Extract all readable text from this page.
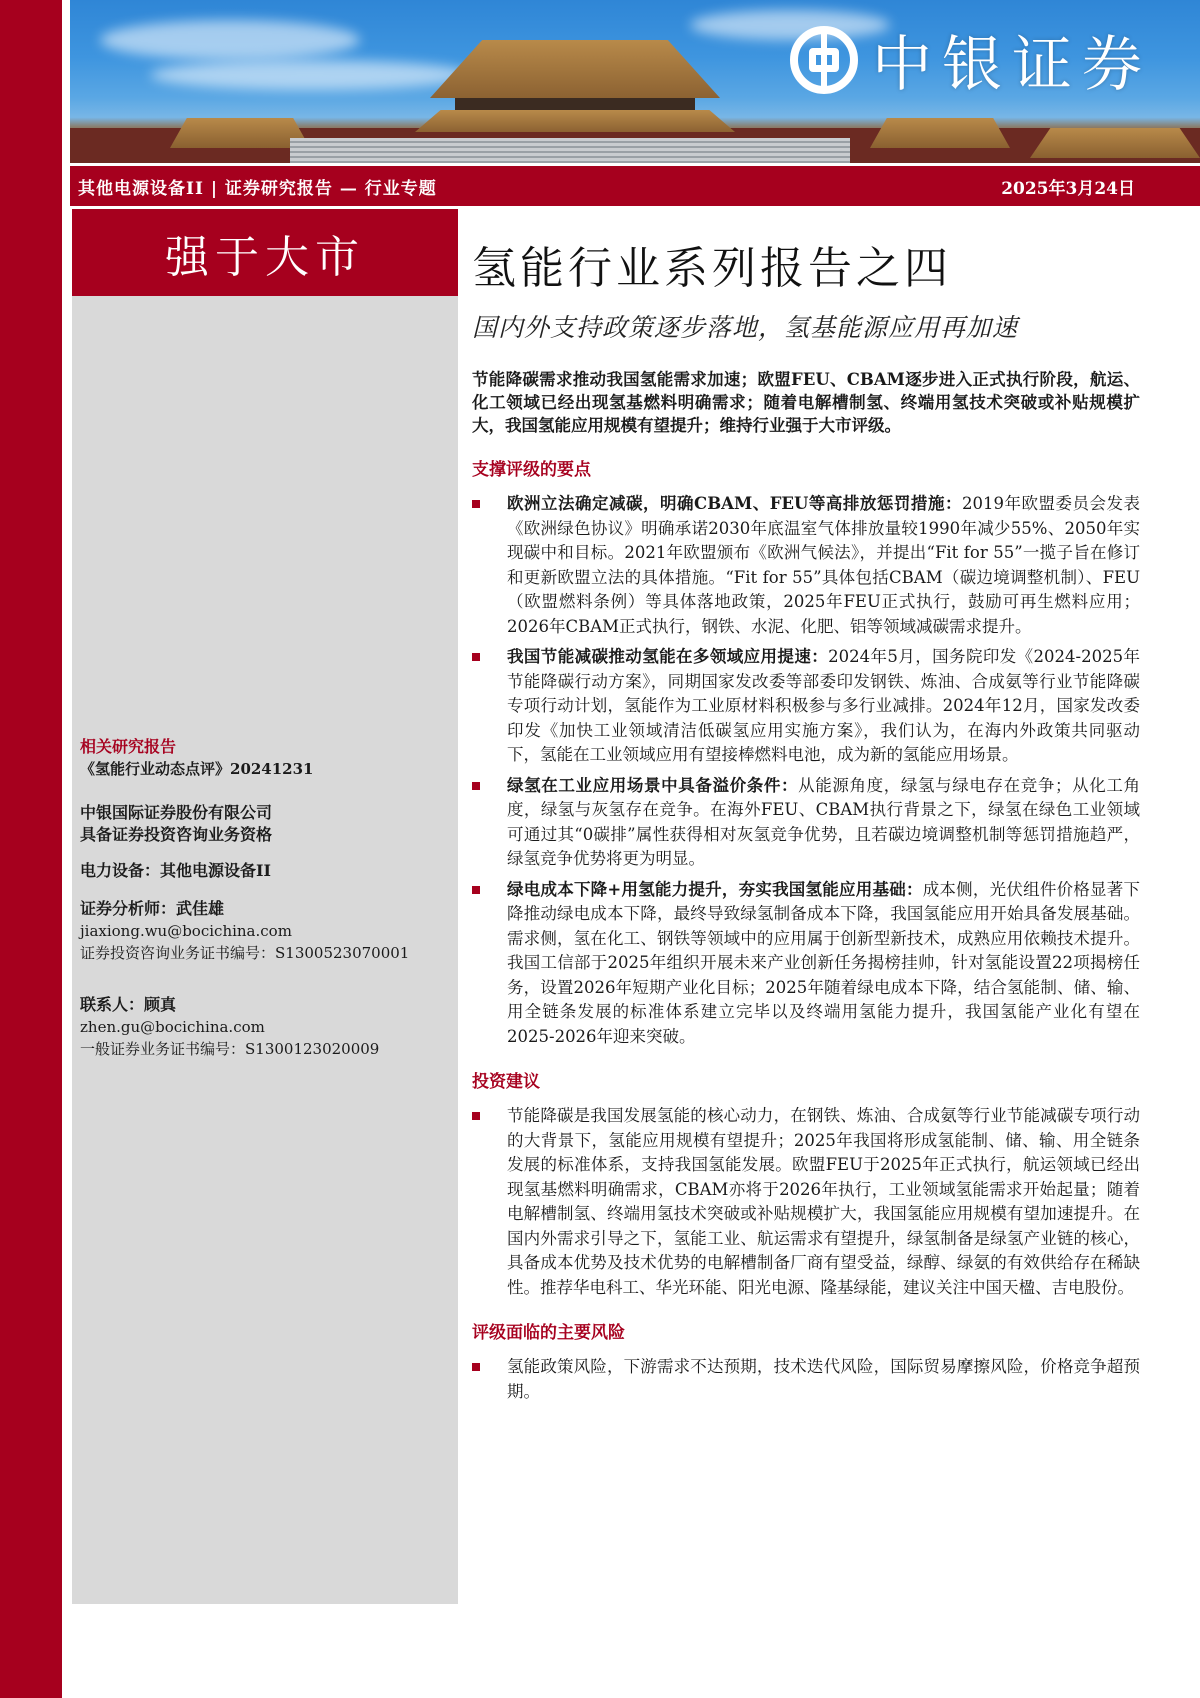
中银证券
其他电源设备II | 证券研究报告 — 行业专题	2025年3月24日
强于大市
相关研究报告
《氢能行业动态点评》20241231
中银国际证券股份有限公司
具备证券投资咨询业务资格
电力设备：其他电源设备II
证券分析师：武佳雄
jiaxiong.wu@bocichina.com
证券投资咨询业务证书编号：S1300523070001
联系人：顾真
zhen.gu@bocichina.com
一般证券业务证书编号：S1300123020009
氢能行业系列报告之四
国内外支持政策逐步落地，氢基能源应用再加速

节能降碳需求推动我国氢能需求加速；欧盟FEU、CBAM逐步进入正式执行阶段，航运、化工领域已经出现氢基燃料明确需求；随着电解槽制氢、终端用氢技术突破或补贴规模扩大，我国氢能应用规模有望提升；维持行业强于大市评级。

支撑评级的要点
欧洲立法确定减碳，明确CBAM、FEU等高排放惩罚措施：2019年欧盟委员会发表《欧洲绿色协议》明确承诺2030年底温室气体排放量较1990年减少55%、2050年实现碳中和目标。2021年欧盟颁布《欧洲气候法》，并提出“Fit for 55”一揽子旨在修订和更新欧盟立法的具体措施。“Fit for 55”具体包括CBAM（碳边境调整机制）、FEU（欧盟燃料条例）等具体落地政策，2025年FEU正式执行，鼓励可再生燃料应用；2026年CBAM正式执行，钢铁、水泥、化肥、铝等领域减碳需求提升。
我国节能减碳推动氢能在多领域应用提速：2024年5月，国务院印发《2024-2025年节能降碳行动方案》，同期国家发改委等部委印发钢铁、炼油、合成氨等行业节能降碳专项行动计划，氢能作为工业原材料积极参与多行业减排。2024年12月，国家发改委印发《加快工业领域清洁低碳氢应用实施方案》，我们认为，在海内外政策共同驱动下，氢能在工业领域应用有望接棒燃料电池，成为新的氢能应用场景。
绿氢在工业应用场景中具备溢价条件：从能源角度，绿氢与绿电存在竞争；从化工角度，绿氢与灰氢存在竞争。在海外FEU、CBAM执行背景之下，绿氢在绿色工业领域可通过其“0碳排”属性获得相对灰氢竞争优势，且若碳边境调整机制等惩罚措施趋严，绿氢竞争优势将更为明显。
绿电成本下降+用氢能力提升，夯实我国氢能应用基础：成本侧，光伏组件价格显著下降推动绿电成本下降，最终导致绿氢制备成本下降，我国氢能应用开始具备发展基础。需求侧，氢在化工、钢铁等领域中的应用属于创新型新技术，成熟应用依赖技术提升。我国工信部于2025年组织开展未来产业创新任务揭榜挂帅，针对氢能设置22项揭榜任务，设置2026年短期产业化目标；2025年随着绿电成本下降，结合氢能制、储、输、用全链条发展的标准体系建立完毕以及终端用氢能力提升，我国氢能产业化有望在2025-2026年迎来突破。
投资建议
节能降碳是我国发展氢能的核心动力，在钢铁、炼油、合成氨等行业节能减碳专项行动的大背景下，氢能应用规模有望提升；2025年我国将形成氢能制、储、输、用全链条发展的标准体系，支持我国氢能发展。欧盟FEU于2025年正式执行，航运领域已经出现氢基燃料明确需求，CBAM亦将于2026年执行，工业领域氢能需求开始起量；随着电解槽制氢、终端用氢技术突破或补贴规模扩大，我国氢能应用规模有望加速提升。在国内外需求引导之下，氢能工业、航运需求有望提升，绿氢制备是绿氢产业链的核心，具备成本优势及技术优势的电解槽制备厂商有望受益，绿醇、绿氨的有效供给存在稀缺性。推荐华电科工、华光环能、阳光电源、隆基绿能，建议关注中国天楹、吉电股份。
评级面临的主要风险
氢能政策风险，下游需求不达预期，技术迭代风险，国际贸易摩擦风险，价格竞争超预期。
